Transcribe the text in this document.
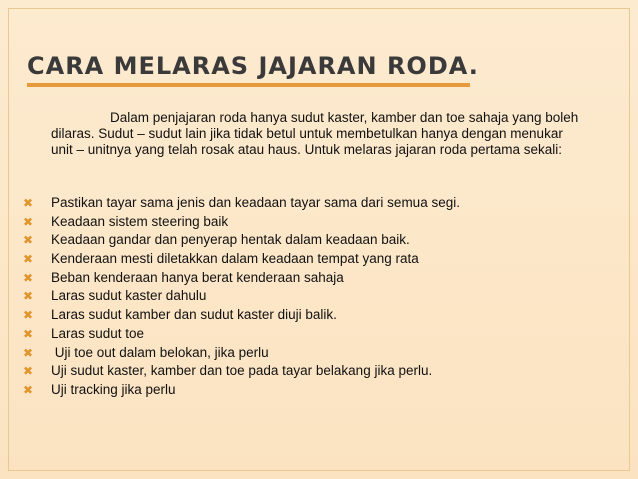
CARA MELARAS JAJARAN RODA.

Dalam penjajaran roda hanya sudut kaster, kamber dan toe sahaja yang boleh dilaras. Sudut – sudut lain jika tidak betul untuk membetulkan hanya dengan menukar unit – unitnya yang telah rosak atau haus. Untuk melaras jajaran roda pertama sekali:

✖ Pastikan tayar sama jenis dan keadaan tayar sama dari semua segi.
✖ Keadaan sistem steering baik
✖ Keadaan gandar dan penyerap hentak dalam keadaan baik.
✖ Kenderaan mesti diletakkan dalam keadaan tempat yang rata
✖ Beban kenderaan hanya berat kenderaan sahaja
✖ Laras sudut kaster dahulu
✖ Laras sudut kamber dan sudut kaster diuji balik.
✖ Laras sudut toe
✖ Uji toe out dalam belokan, jika perlu
✖ Uji sudut kaster, kamber dan toe pada tayar belakang jika perlu.
✖ Uji tracking jika perlu
